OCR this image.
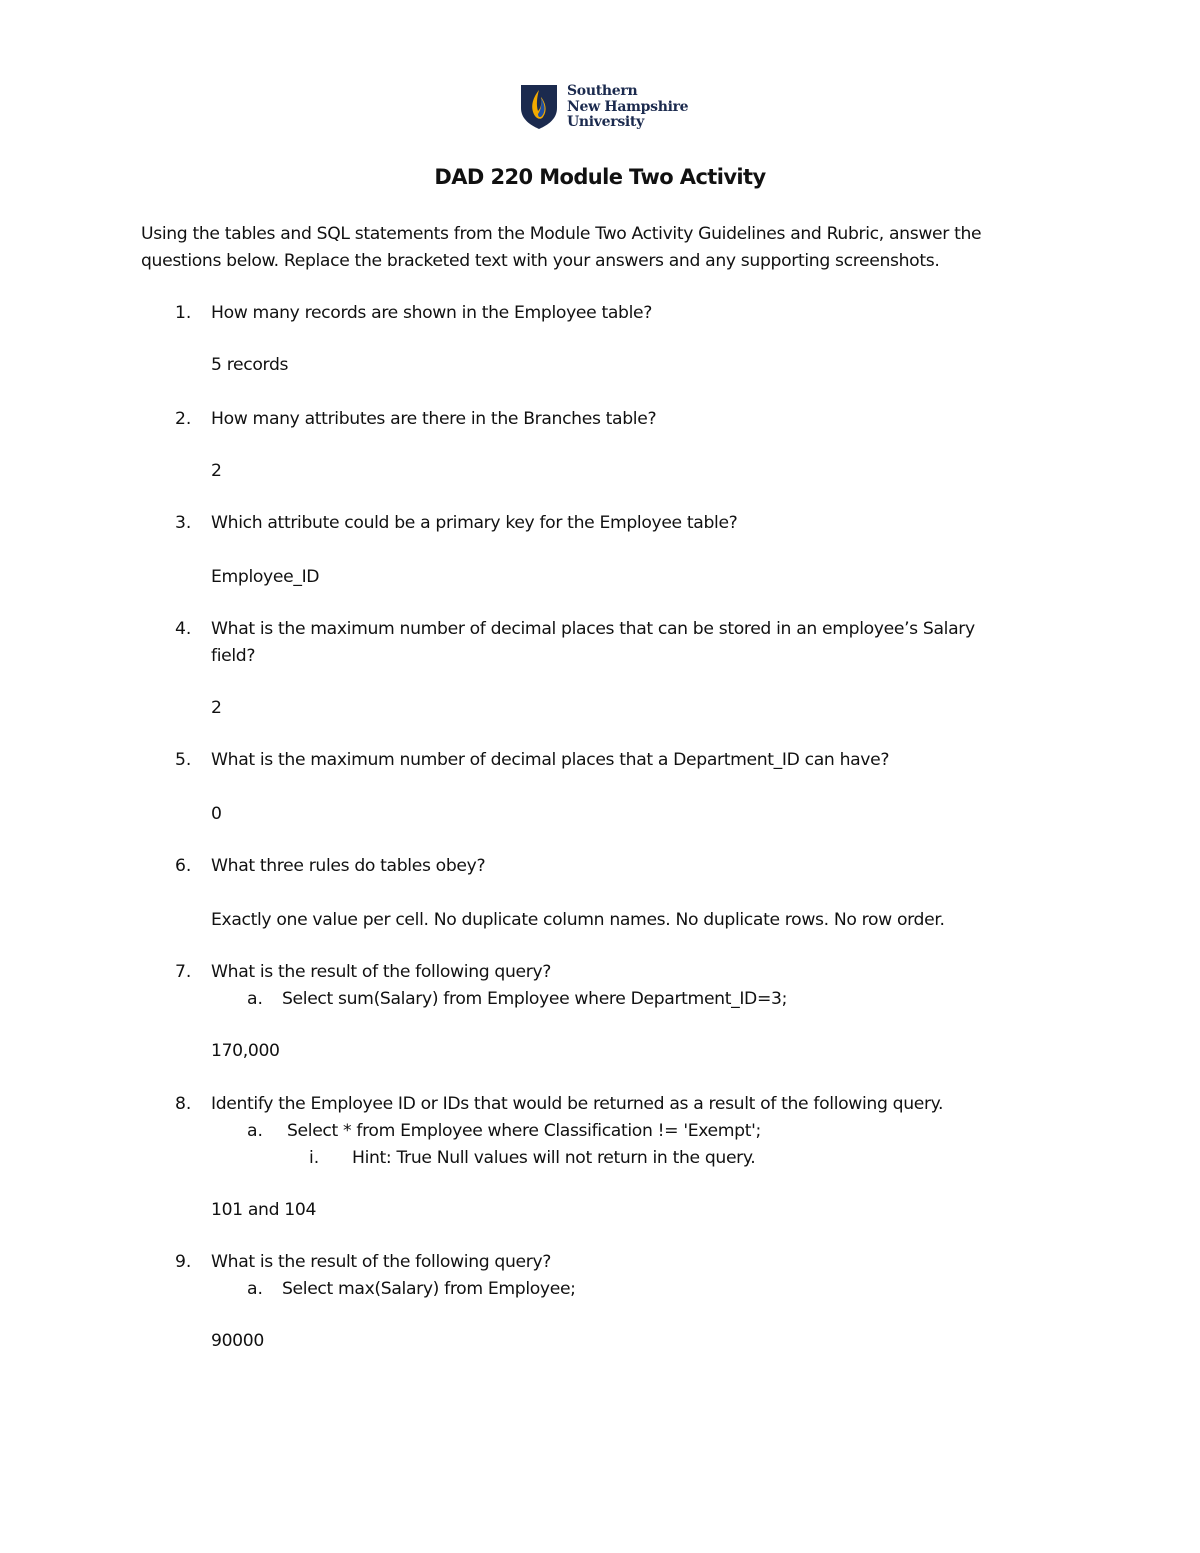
Southern
New Hampshire
University
DAD 220 Module Two Activity
Using the tables and SQL statements from the Module Two Activity Guidelines and Rubric, answer the
questions below. Replace the bracketed text with your answers and any supporting screenshots.
1. How many records are shown in the Employee table?
5 records
2. How many attributes are there in the Branches table?
2
3. Which attribute could be a primary key for the Employee table?
Employee_ID
4. What is the maximum number of decimal places that can be stored in an employee’s Salary
field?
2
5. What is the maximum number of decimal places that a Department_ID can have?
0
6. What three rules do tables obey?
Exactly one value per cell. No duplicate column names. No duplicate rows. No row order.
7. What is the result of the following query?
a. Select sum(Salary) from Employee where Department_ID=3;
170,000
8. Identify the Employee ID or IDs that would be returned as a result of the following query.
a. Select * from Employee where Classification != 'Exempt';
i. Hint: True Null values will not return in the query.
101 and 104
9. What is the result of the following query?
a. Select max(Salary) from Employee;
90000
